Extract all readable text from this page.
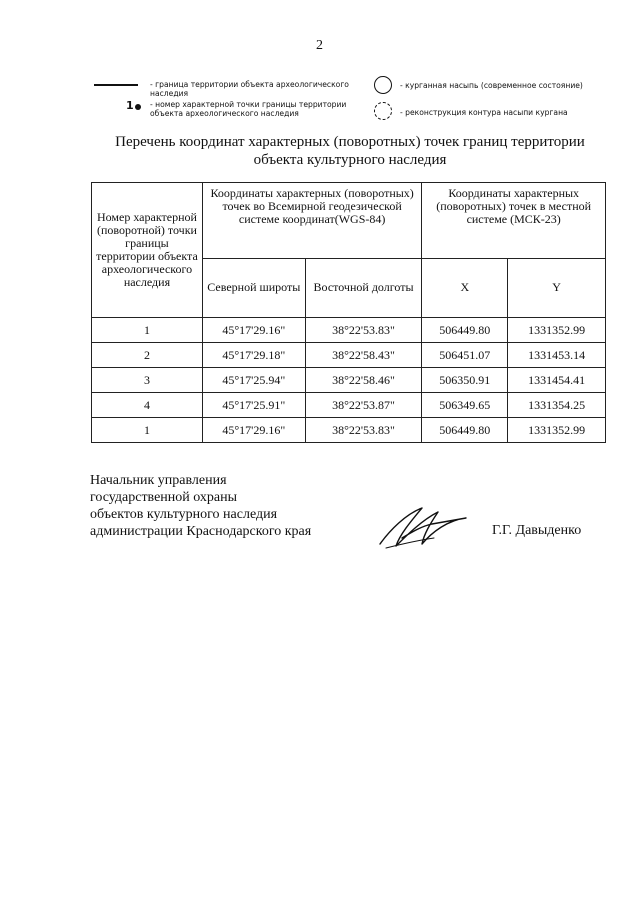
2
- граница территории объекта археологического наследия
1 - номер характерной точки границы территории объекта археологического наследия
- курганная насыпь (современное состояние)
- реконструкция контура насыпи кургана
Перечень координат характерных (поворотных) точек границ территории
объекта культурного наследия
Номер характерной (поворотной) точки границы территории объекта археологического наследия	Координаты характерных (поворотных) точек во Всемирной геодезической системе координат(WGS-84)		Координаты характерных (поворотных) точек в местной системе (МСК-23)	
	Северной широты	Восточной долготы	X	Y
1	45°17'29.16"	38°22'53.83"	506449.80	1331352.99
2	45°17'29.18"	38°22'58.43"	506451.07	1331453.14
3	45°17'25.94"	38°22'58.46"	506350.91	1331454.41
4	45°17'25.91"	38°22'53.87"	506349.65	1331354.25
1	45°17'29.16"	38°22'53.83"	506449.80	1331352.99
Начальник управления
государственной охраны
объектов культурного наследия
администрации Краснодарского края	Г.Г. Давыденко
